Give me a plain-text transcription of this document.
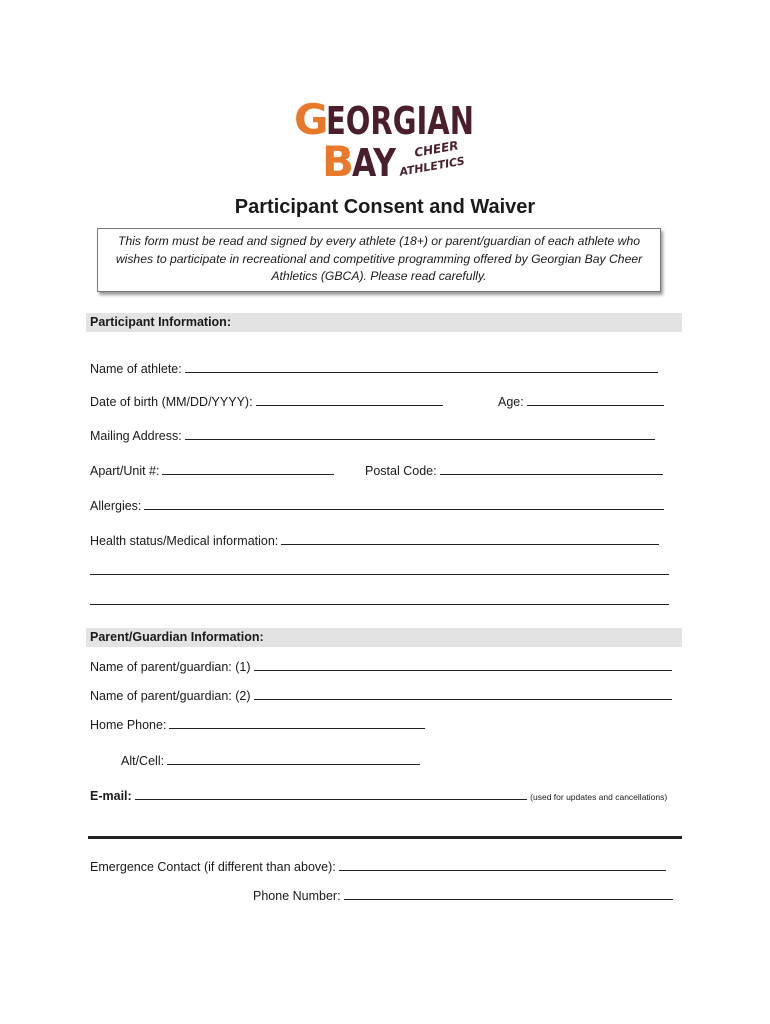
G
EORGIAN
B
AY CHEER
ATHLETICS
Participant Consent and Waiver
This form must be read and signed by every athlete (18+) or parent/guardian of each athlete who wishes to participate in recreational and competitive programming offered by Georgian Bay Cheer Athletics (GBCA). Please read carefully.
Participant Information:
Name of athlete:
Date of birth (MM/DD/YYYY):	Age:
Mailing Address:
Apart/Unit #:	Postal Code:
Allergies:
Health status/Medical information:
Parent/Guardian Information:
Name of parent/guardian: (1)
Name of parent/guardian: (2)
Home Phone:
Alt/Cell:
E-mail:	(used for updates and cancellations)
Emergence Contact (if different than above):
Phone Number:
